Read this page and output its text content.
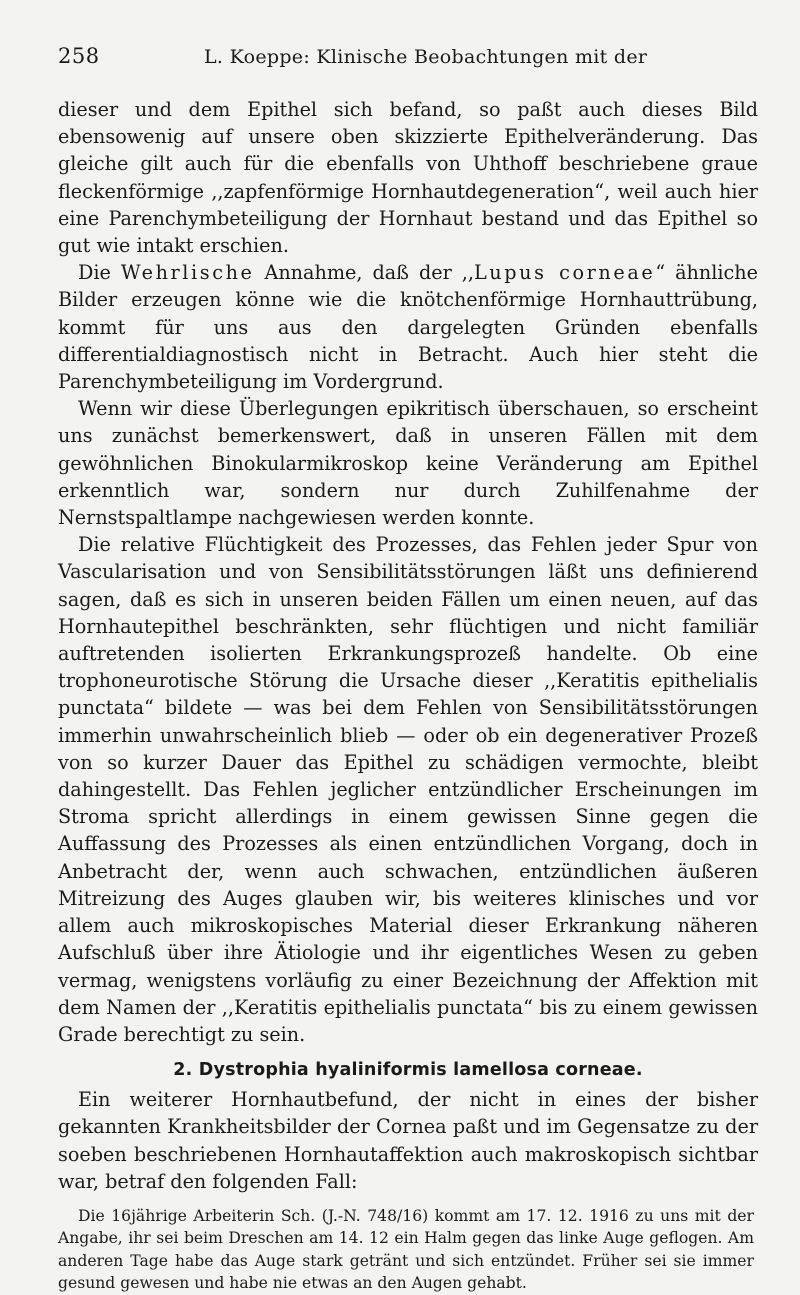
258	L. Koeppe: Klinische Beobachtungen mit der

dieser und dem Epithel sich befand, so paßt auch dieses Bild ebensowenig auf unsere oben skizzierte Epithelveränderung. Das gleiche gilt auch für die ebenfalls von Uhthoff beschriebene graue fleckenförmige ,,zapfenförmige Hornhautdegeneration“, weil auch hier eine Parenchymbeteiligung der Hornhaut bestand und das Epithel so gut wie intakt erschien.

Die Wehrlische Annahme, daß der ,,Lupus corneae“ ähnliche Bilder erzeugen könne wie die knötchenförmige Hornhauttrübung, kommt für uns aus den dargelegten Gründen ebenfalls differentialdiagnostisch nicht in Betracht. Auch hier steht die Parenchymbeteiligung im Vordergrund.

Wenn wir diese Überlegungen epikritisch überschauen, so erscheint uns zunächst bemerkenswert, daß in unseren Fällen mit dem gewöhnlichen Binokularmikroskop keine Veränderung am Epithel erkenntlich war, sondern nur durch Zuhilfenahme der Nernstspaltlampe nachgewiesen werden konnte.

Die relative Flüchtigkeit des Prozesses, das Fehlen jeder Spur von Vascularisation und von Sensibilitätsstörungen läßt uns definierend sagen, daß es sich in unseren beiden Fällen um einen neuen, auf das Hornhautepithel beschränkten, sehr flüchtigen und nicht familiär auftretenden isolierten Erkrankungsprozeß handelte. Ob eine trophoneurotische Störung die Ursache dieser ,,Keratitis epithelialis punctata“ bildete — was bei dem Fehlen von Sensibilitätsstörungen immerhin unwahrscheinlich blieb — oder ob ein degenerativer Prozeß von so kurzer Dauer das Epithel zu schädigen vermochte, bleibt dahingestellt. Das Fehlen jeglicher entzündlicher Erscheinungen im Stroma spricht allerdings in einem gewissen Sinne gegen die Auffassung des Prozesses als einen entzündlichen Vorgang, doch in Anbetracht der, wenn auch schwachen, entzündlichen äußeren Mitreizung des Auges glauben wir, bis weiteres klinisches und vor allem auch mikroskopisches Material dieser Erkrankung näheren Aufschluß über ihre Ätiologie und ihr eigentliches Wesen zu geben vermag, wenigstens vorläufig zu einer Bezeichnung der Affektion mit dem Namen der ,,Keratitis epithelialis punctata“ bis zu einem gewissen Grade berechtigt zu sein.

2. Dystrophia hyaliniformis lamellosa corneae.

Ein weiterer Hornhautbefund, der nicht in eines der bisher gekannten Krankheitsbilder der Cornea paßt und im Gegensatze zu der soeben beschriebenen Hornhautaffektion auch makroskopisch sichtbar war, betraf den folgenden Fall:

Die 16jährige Arbeiterin Sch. (J.-N. 748/16) kommt am 17. 12. 1916 zu uns mit der Angabe, ihr sei beim Dreschen am 14. 12 ein Halm gegen das linke Auge geflogen. Am anderen Tage habe das Auge stark getränt und sich entzündet. Früher sei sie immer gesund gewesen und habe nie etwas an den Augen gehabt.
